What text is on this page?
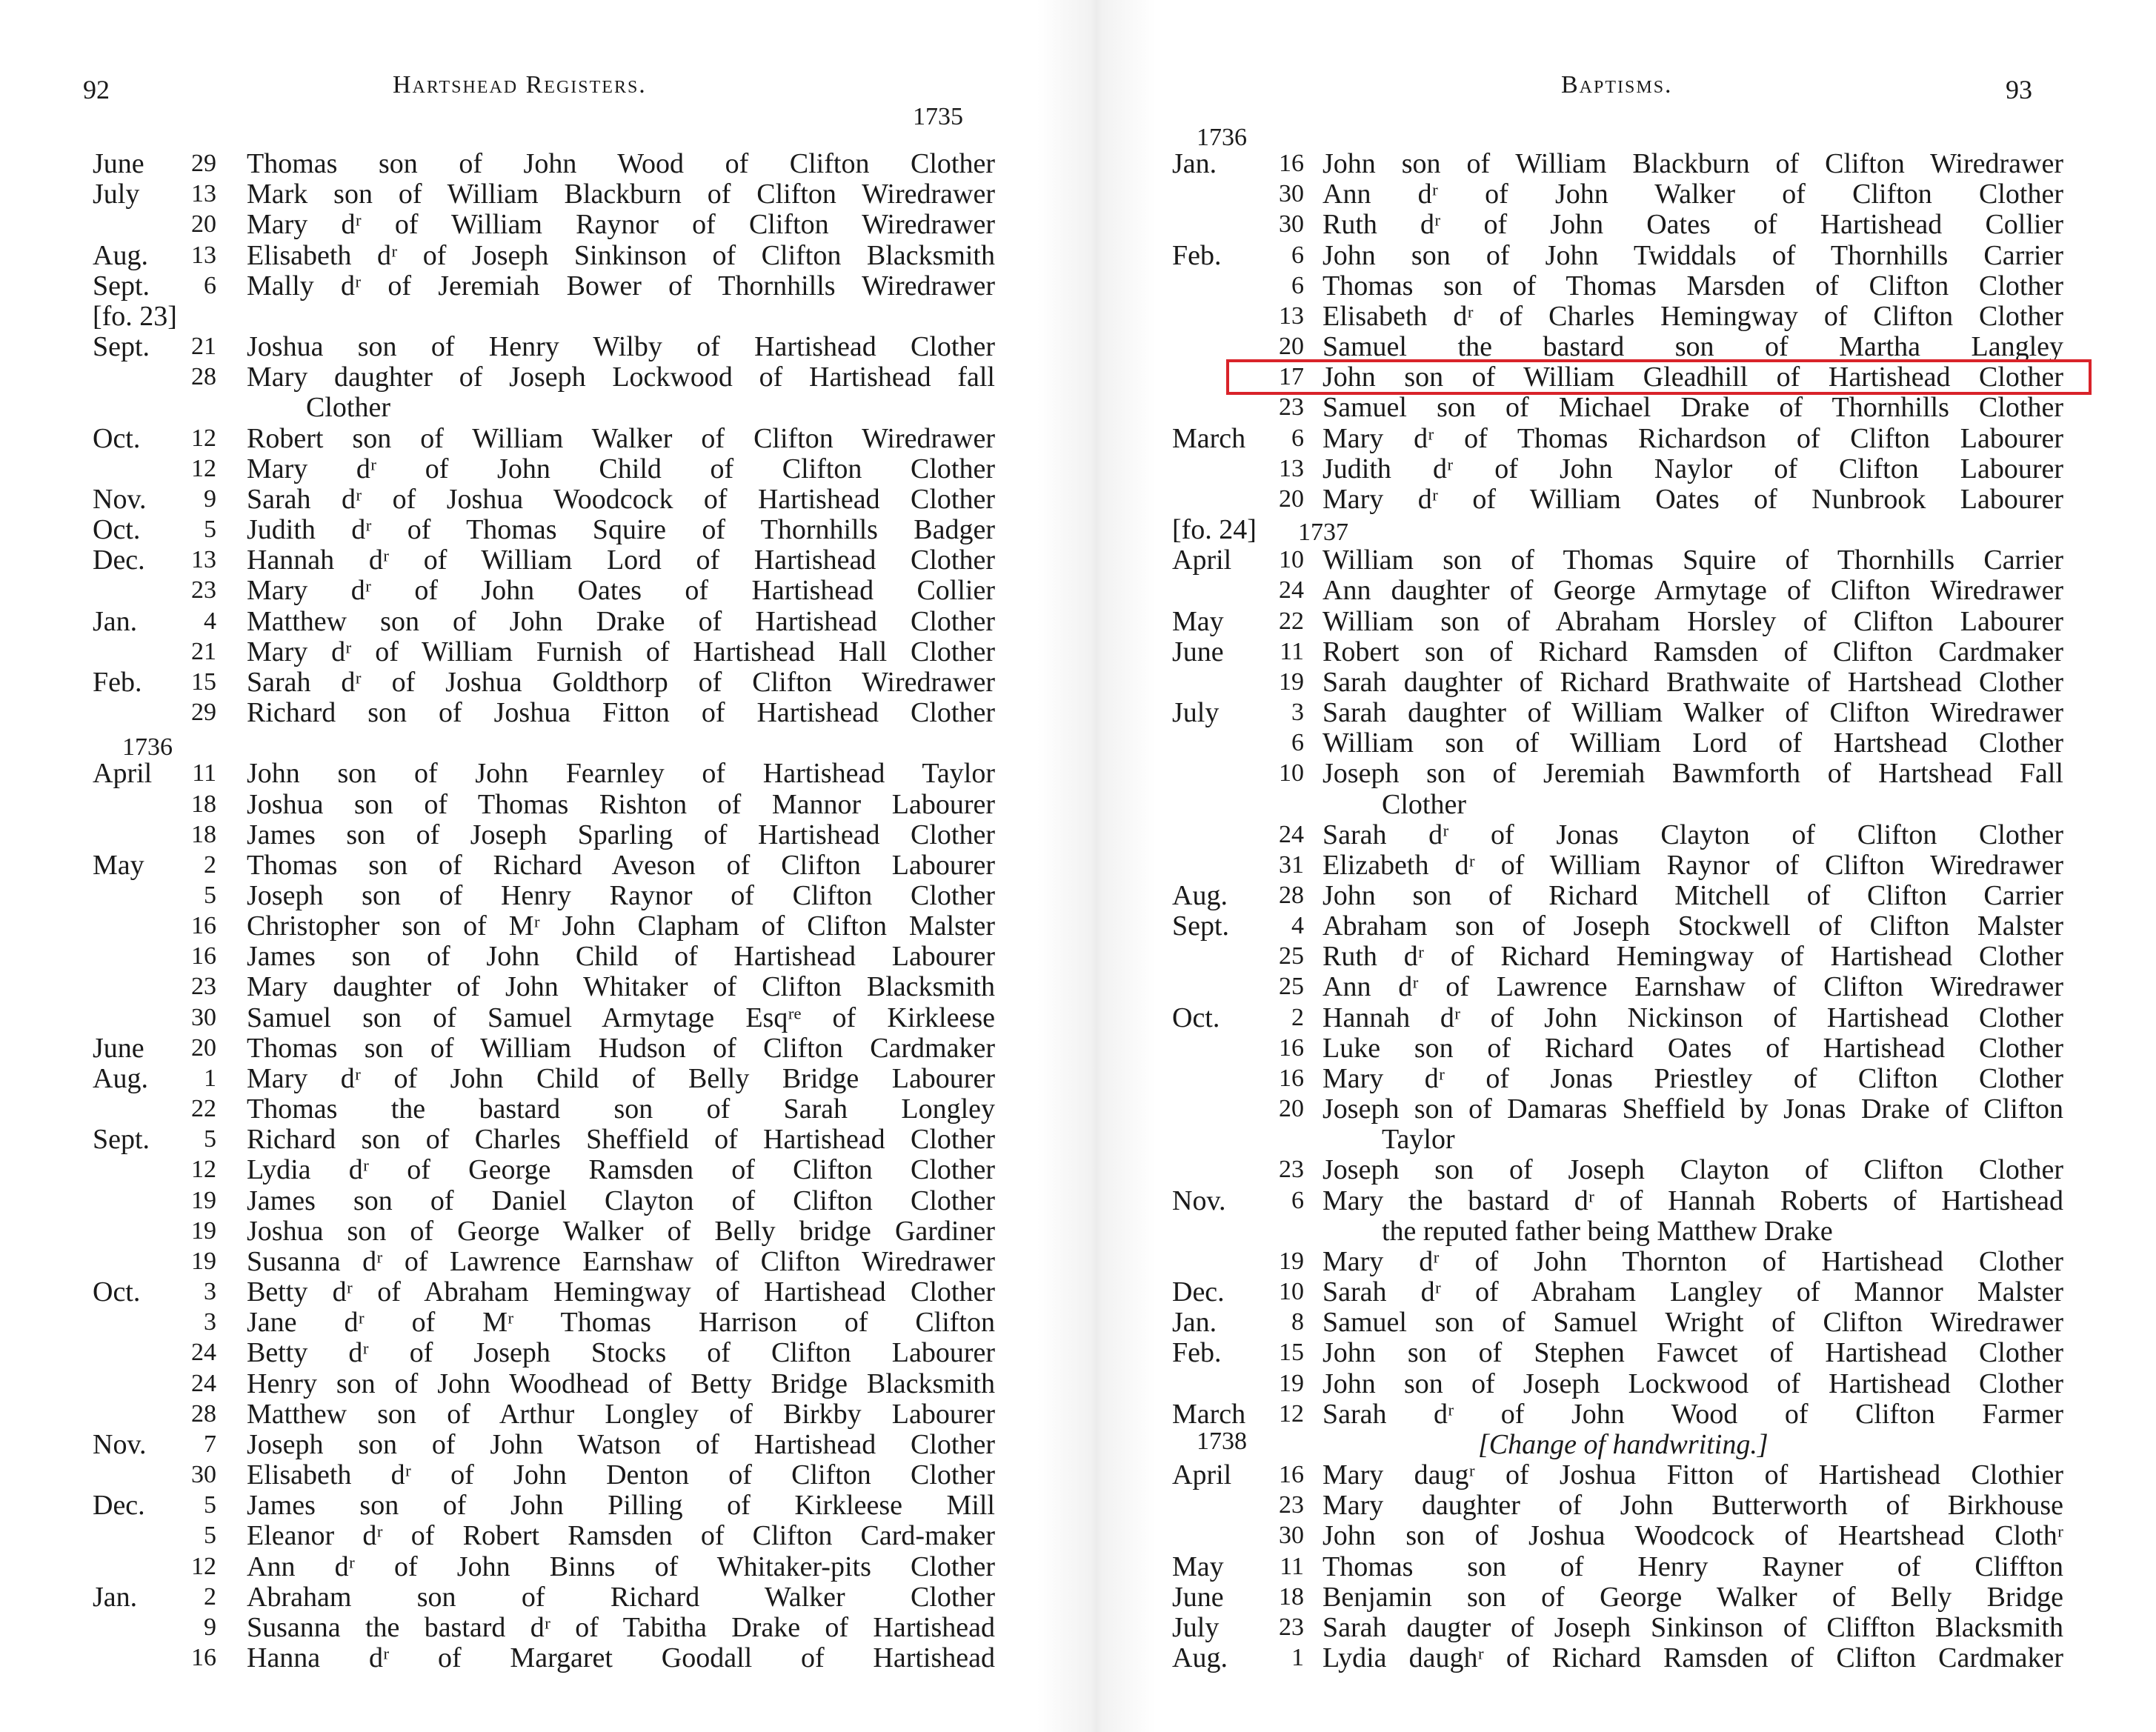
92	Hartshead Registers.
1735
June	29 Thomas son of John Wood of Clifton Clother
July	13 Mark son of William Blackburn of Clifton Wiredrawer
20 Mary dʳ of William Raynor of Clifton Wiredrawer
Aug.	13 Elisabeth dʳ of Joseph Sinkinson of Clifton Blacksmith
Sept.	6 Mally dʳ of Jeremiah Bower of Thornhills Wiredrawer
[fo. 23]
Sept.	21 Joshua son of Henry Wilby of Hartishead Clother
28 Mary daughter of Joseph Lockwood of Hartishead fall
Clother
Oct.	12 Robert son of William Walker of Clifton Wiredrawer
12 Mary dʳ of John Child of Clifton Clother
Nov.	9 Sarah dʳ of Joshua Woodcock of Hartishead Clother
Oct.	5 Judith dʳ of Thomas Squire of Thornhills Badger
Dec.	13 Hannah dʳ of William Lord of Hartishead Clother
23 Mary dʳ of John Oates of Hartishead Collier
Jan.	4 Matthew son of John Drake of Hartishead Clother
21 Mary dʳ of William Furnish of Hartishead Hall Clother
Feb.	15 Sarah dʳ of Joshua Goldthorp of Clifton Wiredrawer
29 Richard son of Joshua Fitton of Hartishead Clother
1736
April	11 John son of John Fearnley of Hartishead Taylor
18 Joshua son of Thomas Rishton of Mannor Labourer
18 James son of Joseph Sparling of Hartishead Clother
May	2 Thomas son of Richard Aveson of Clifton Labourer
5 Joseph son of Henry Raynor of Clifton Clother
16 Christopher son of Mʳ John Clapham of Clifton Malster
16 James son of John Child of Hartishead Labourer
23 Mary daughter of John Whitaker of Clifton Blacksmith
30 Samuel son of Samuel Armytage Esqʳᵉ of Kirkleese
June	20 Thomas son of William Hudson of Clifton Cardmaker
Aug.	1 Mary dʳ of John Child of Belly Bridge Labourer
22 Thomas the bastard son of Sarah Longley
Sept.	5 Richard son of Charles Sheffield of Hartishead Clother
12 Lydia dʳ of George Ramsden of Clifton Clother
19 James son of Daniel Clayton of Clifton Clother
19 Joshua son of George Walker of Belly bridge Gardiner
19 Susanna dʳ of Lawrence Earnshaw of Clifton Wiredrawer
Oct.	3 Betty dʳ of Abraham Hemingway of Hartishead Clother
3 Jane dʳ of Mʳ Thomas Harrison of Clifton
24 Betty dʳ of Joseph Stocks of Clifton Labourer
24 Henry son of John Woodhead of Betty Bridge Blacksmith
28 Matthew son of Arthur Longley of Birkby Labourer
Nov.	7 Joseph son of John Watson of Hartishead Clother
30 Elisabeth dʳ of John Denton of Clifton Clother
Dec.	5 James son of John Pilling of Kirkleese Mill
5 Eleanor dʳ of Robert Ramsden of Clifton Card-maker
12 Ann dʳ of John Binns of Whitaker-pits Clother
Jan.	2 Abraham son of Richard Walker Clother
9 Susanna the bastard dʳ of Tabitha Drake of Hartishead
16 Hanna dʳ of Margaret Goodall of Hartishead
93
Baptisms.
1736
Jan.	16 John son of William Blackburn of Clifton Wiredrawer
30 Ann dʳ of John Walker of Clifton Clother
30 Ruth dʳ of John Oates of Hartishead Collier
Feb.	6 John son of John Twiddals of Thornhills Carrier
6 Thomas son of Thomas Marsden of Clifton Clother
13 Elisabeth dʳ of Charles Hemingway of Clifton Clother
20 Samuel the bastard son of Martha Langley
17 John son of William Gleadhill of Hartishead Clother
23 Samuel son of Michael Drake of Thornhills Clother
March	6 Mary dʳ of Thomas Richardson of Clifton Labourer
13 Judith dʳ of John Naylor of Clifton Labourer
20 Mary dʳ of William Oates of Nunbrook Labourer
[fo. 24] 1737
April	10 William son of Thomas Squire of Thornhills Carrier
24 Ann daughter of George Armytage of Clifton Wiredrawer
May	22 William son of Abraham Horsley of Clifton Labourer
June	11 Robert son of Richard Ramsden of Clifton Cardmaker
19 Sarah daughter of Richard Brathwaite of Hartshead Clother
July	3 Sarah daughter of William Walker of Clifton Wiredrawer
6 William son of William Lord of Hartshead Clother
10 Joseph son of Jeremiah Bawmforth of Hartshead Fall
Clother
24 Sarah dʳ of Jonas Clayton of Clifton Clother
31 Elizabeth dʳ of William Raynor of Clifton Wiredrawer
Aug.	28 John son of Richard Mitchell of Clifton Carrier
Sept.	4 Abraham son of Joseph Stockwell of Clifton Malster
25 Ruth dʳ of Richard Hemingway of Hartishead Clother
25 Ann dʳ of Lawrence Earnshaw of Clifton Wiredrawer
Oct.	2 Hannah dʳ of John Nickinson of Hartishead Clother
16 Luke son of Richard Oates of Hartishead Clother
16 Mary dʳ of Jonas Priestley of Clifton Clother
20 Joseph son of Damaras Sheffield by Jonas Drake of Clifton
Taylor
23 Joseph son of Joseph Clayton of Clifton Clother
Nov.	6 Mary the bastard dʳ of Hannah Roberts of Hartishead
the reputed father being Matthew Drake
19 Mary dʳ of John Thornton of Hartishead Clother
Dec.	10 Sarah dʳ of Abraham Langley of Mannor Malster
Jan.	8 Samuel son of Samuel Wright of Clifton Wiredrawer
Feb.	15 John son of Stephen Fawcet of Hartishead Clother
19 John son of Joseph Lockwood of Hartishead Clother
March	12 Sarah dʳ of John Wood of Clifton Farmer
1738	[Change of handwriting.]
April	16 Mary daugʳ of Joshua Fitton of Hartishead Clothier
23 Mary daughter of John Butterworth of Birkhouse
30 John son of Joshua Woodcock of Heartshead Clothʳ
May	11 Thomas son of Henry Rayner of Cliffton
June	18 Benjamin son of George Walker of Belly Bridge
July	23 Sarah daugter of Joseph Sinkinson of Cliffton Blacksmith
Aug.	1 Lydia daughʳ of Richard Ramsden of Clifton Cardmaker
